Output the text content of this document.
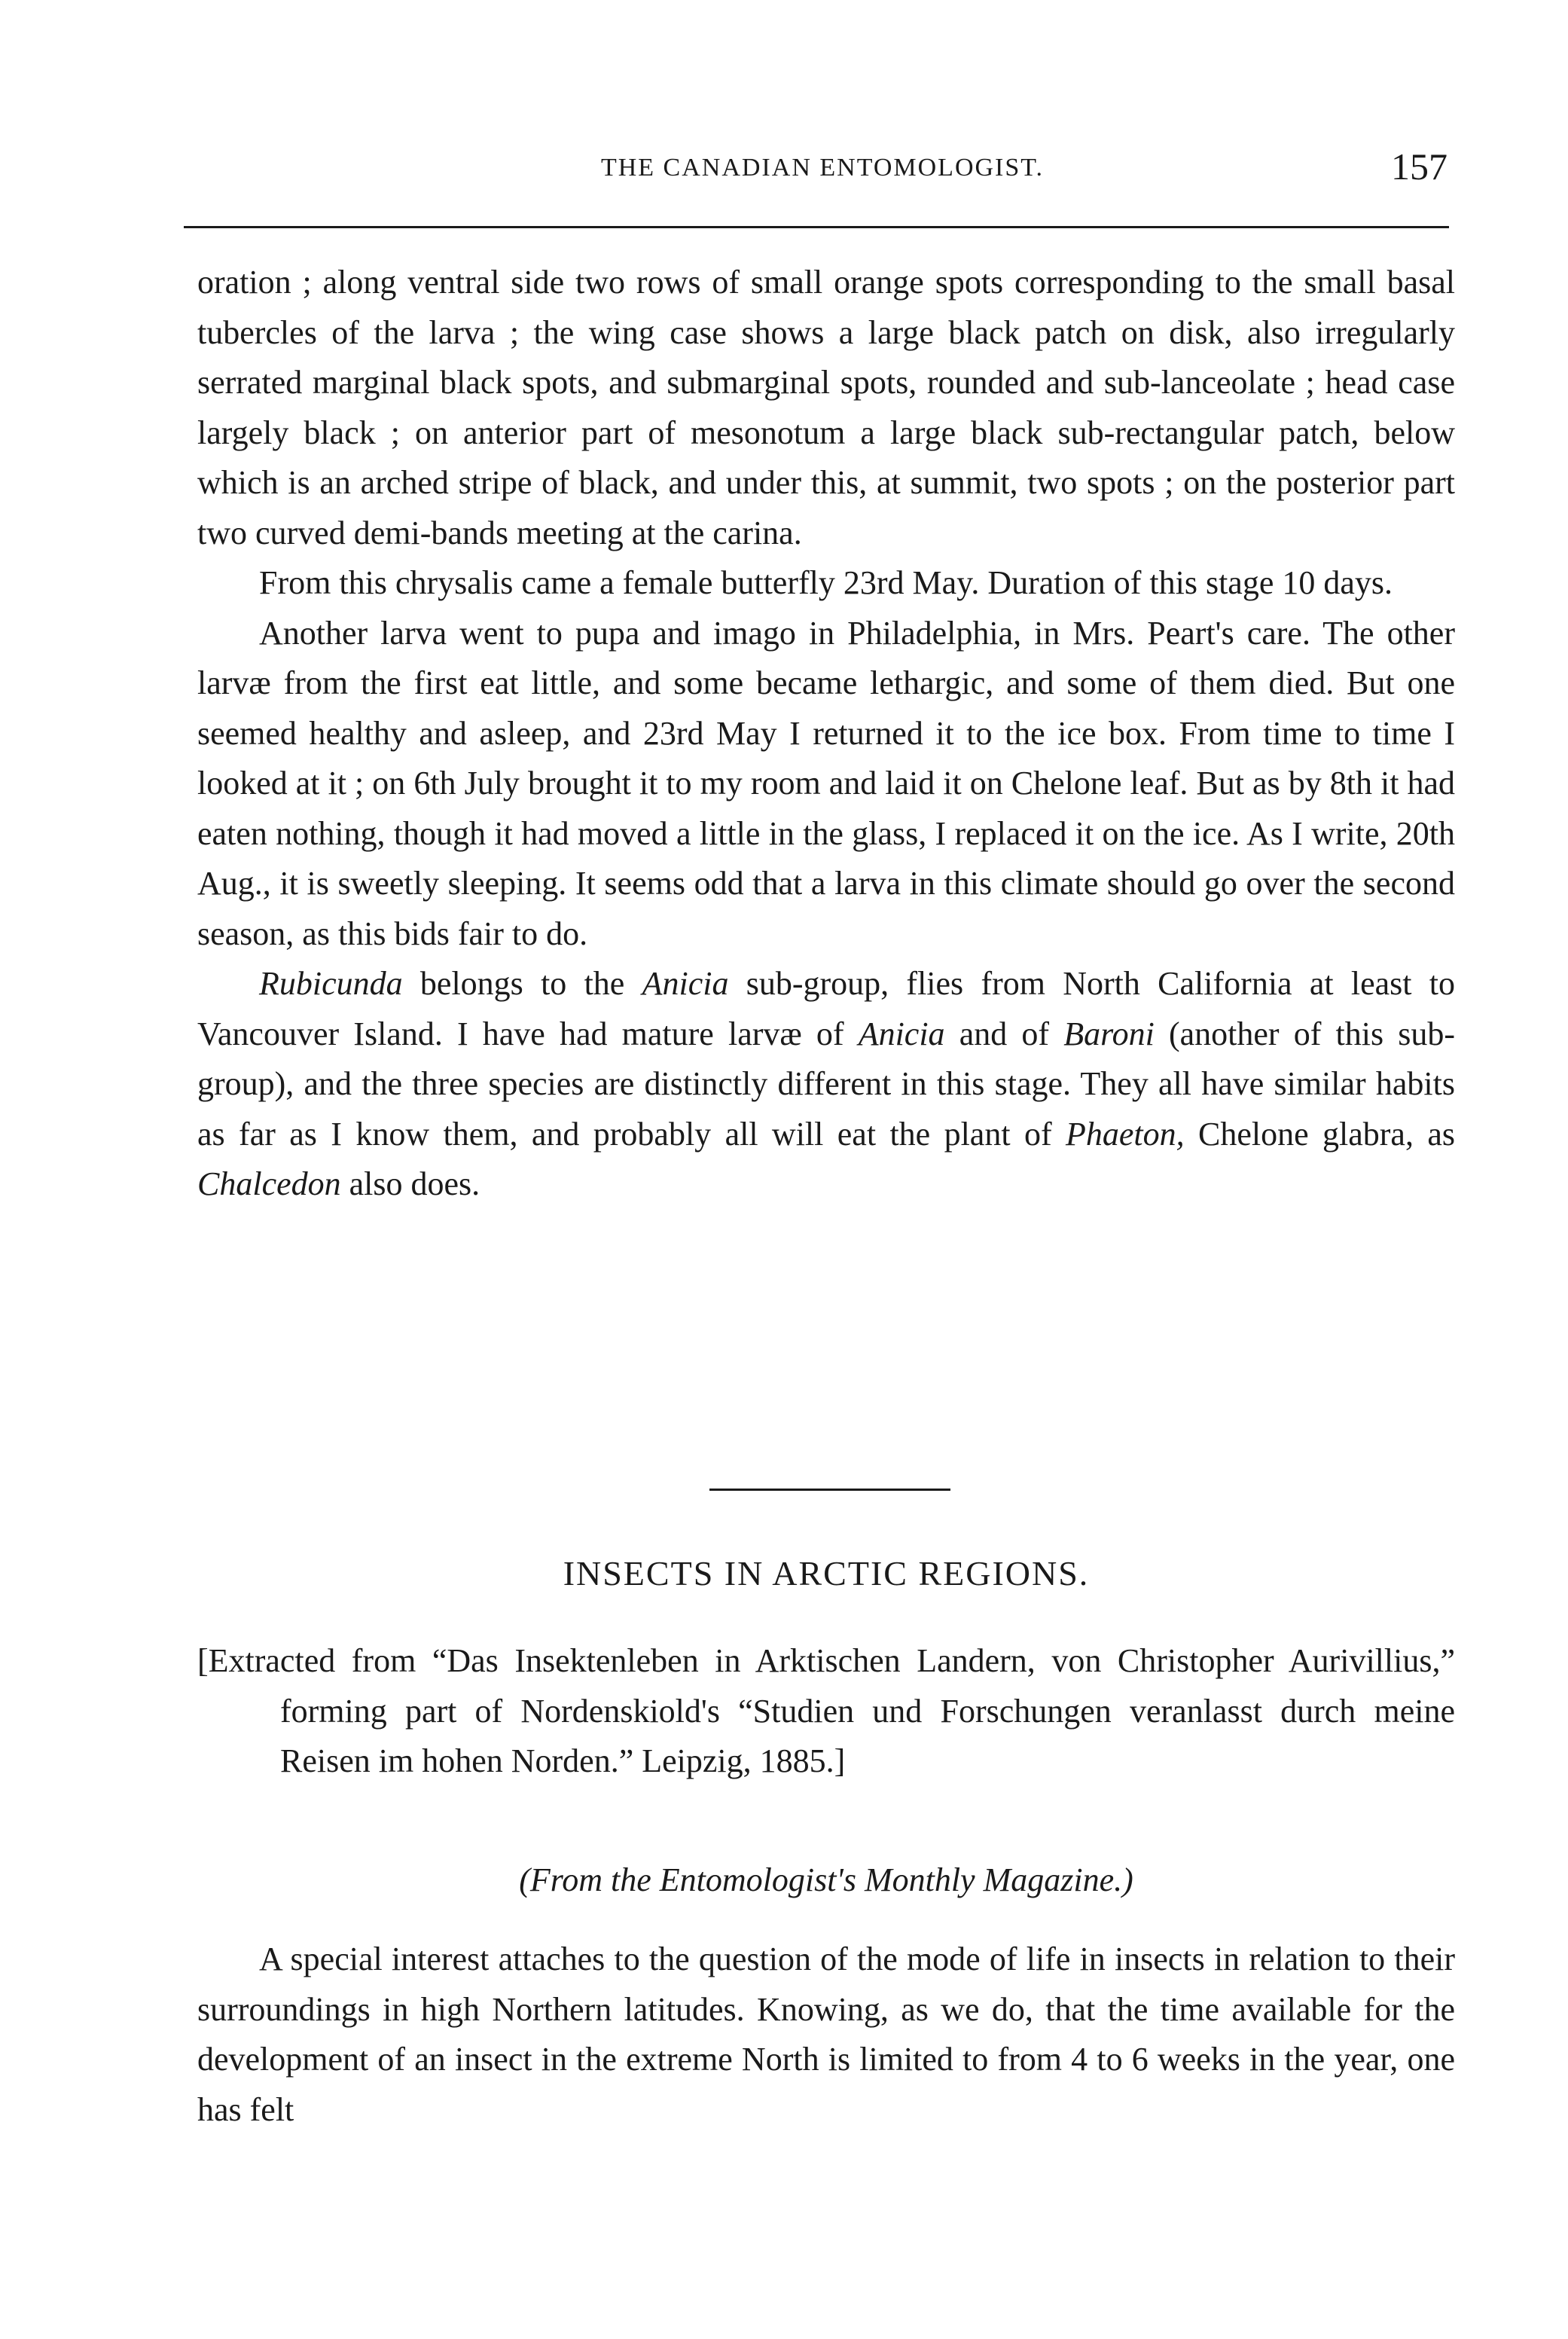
THE CANADIAN ENTOMOLOGIST.	157

oration ; along ventral side two rows of small orange spots corresponding to the small basal tubercles of the larva ; the wing case shows a large black patch on disk, also irregularly serrated marginal black spots, and submarginal spots, rounded and sub-lanceolate ; head case largely black ; on anterior part of mesonotum a large black sub-rectangular patch, below which is an arched stripe of black, and under this, at summit, two spots ; on the posterior part two curved demi-bands meeting at the carina.

From this chrysalis came a female butterfly 23rd May. Duration of this stage 10 days.

Another larva went to pupa and imago in Philadelphia, in Mrs. Peart's care. The other larvæ from the first eat little, and some became lethargic, and some of them died. But one seemed healthy and asleep, and 23rd May I returned it to the ice box. From time to time I looked at it ; on 6th July brought it to my room and laid it on Chelone leaf. But as by 8th it had eaten nothing, though it had moved a little in the glass, I replaced it on the ice. As I write, 20th Aug., it is sweetly sleeping. It seems odd that a larva in this climate should go over the second season, as this bids fair to do.

Rubicunda belongs to the Anicia sub-group, flies from North California at least to Vancouver Island. I have had mature larvæ of Anicia and of Baroni (another of this sub-group), and the three species are distinctly different in this stage. They all have similar habits as far as I know them, and probably all will eat the plant of Phaeton, Chelone glabra, as Chalcedon also does.

INSECTS IN ARCTIC REGIONS.

[Extracted from “Das Insektenleben in Arktischen Landern, von Christopher Aurivillius,” forming part of Nordenskiold's “Studien und Forschungen veranlasst durch meine Reisen im hohen Norden.” Leipzig, 1885.]

(From the Entomologist's Monthly Magazine.)

A special interest attaches to the question of the mode of life in insects in relation to their surroundings in high Northern latitudes. Knowing, as we do, that the time available for the development of an insect in the extreme North is limited to from 4 to 6 weeks in the year, one has felt
